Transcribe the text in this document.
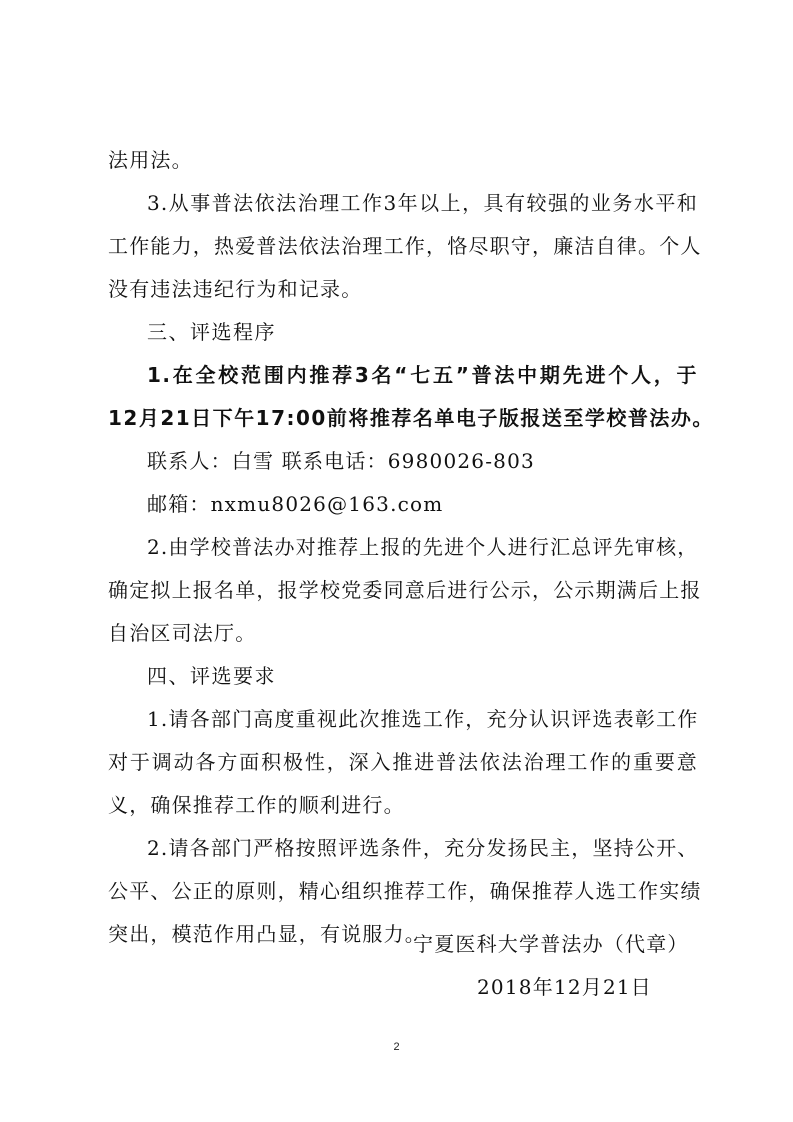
法用法。
3.从事普法依法治理工作3年以上，具有较强的业务水平和
工作能力，热爱普法依法治理工作，恪尽职守，廉洁自律。个人
没有违法违纪行为和记录。
三、评选程序
1.在全校范围内推荐3名“七五”普法中期先进个人，于
12月21日下午17:00前将推荐名单电子版报送至学校普法办。
联系人：白雪 联系电话：6980026-803
邮箱：nxmu8026@163.com
2.由学校普法办对推荐上报的先进个人进行汇总评先审核，
确定拟上报名单，报学校党委同意后进行公示，公示期满后上报
自治区司法厅。
四、评选要求
1.请各部门高度重视此次推选工作，充分认识评选表彰工作
对于调动各方面积极性，深入推进普法依法治理工作的重要意
义，确保推荐工作的顺利进行。
2.请各部门严格按照评选条件，充分发扬民主，坚持公开、
公平、公正的原则，精心组织推荐工作，确保推荐人选工作实绩
突出，模范作用凸显，有说服力。
宁夏医科大学普法办（代章）
2018年12月21日
2
